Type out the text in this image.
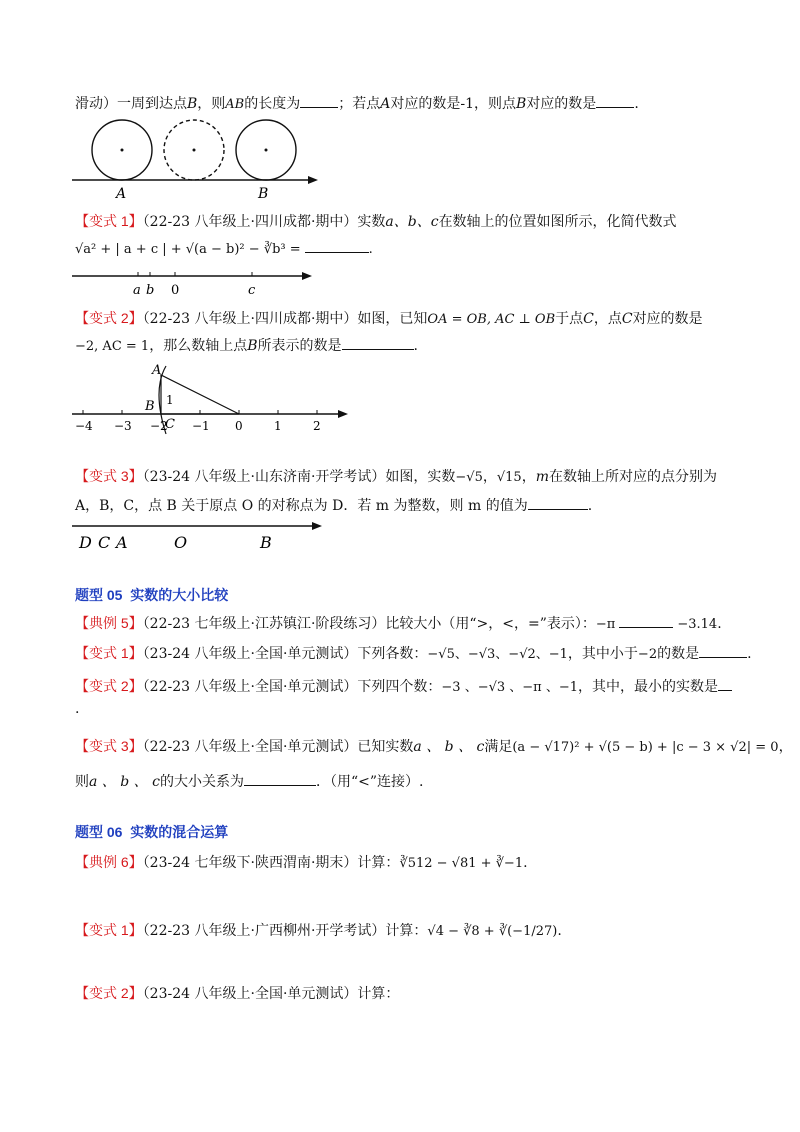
滑动）一周到达点B，则AB的长度为	；若点A对应的数是-1，则点B对应的数是	.
A	B
【变式 1】（22-23 八年级上·四川成都·期中）实数a、b、c在数轴上的位置如图所示，化简代数式
√a² + | a + c | + √(a − b)² − ∛b³ =	.
a b 0	c
【变式 2】（22-23 八年级上·四川成都·期中）如图，已知OA = OB, AC ⊥ OB于点C，点C对应的数是
−2, AC = 1，那么数轴上点B所表示的数是	.
A
B
C
1
−4 −3 −2 −1 0	1	2
【变式 3】（23-24 八年级上·山东济南·开学考试）如图，实数−√5，√15，m在数轴上所对应的点分别为
A，B，C，点 B 关于原点 O 的对称点为 D．若 m 为整数，则 m 的值为	.
D C A	O	B
题型 05 实数的大小比较
【典例 5】（22-23 七年级上·江苏镇江·阶段练习）比较大小（用“>，<，=”表示）：−π	−3.14.
【变式 1】（23-24 八年级上·全国·单元测试）下列各数：−√5、−√3、−√2、−1，其中小于−2的数是	.
【变式 2】（22-23 八年级上·全国·单元测试）下列四个数：−3 、−√3 、−π 、−1，其中，最小的实数是
.
【变式 3】（22-23 八年级上·全国·单元测试）已知实数a 、 b 、 c满足(a − √17)² + √(5 − b) + |c − 3 × √2| = 0，
则a 、 b 、 c的大小关系为	．（用“<”连接）.
题型 06 实数的混合运算
【典例 6】（23-24 七年级下·陕西渭南·期末）计算：∛512 − √81 + ∛−1.
【变式 1】（22-23 八年级上·广西柳州·开学考试）计算：√4 − ∛8 + ∛(−1/27).
【变式 2】（23-24 八年级上·全国·单元测试）计算：
